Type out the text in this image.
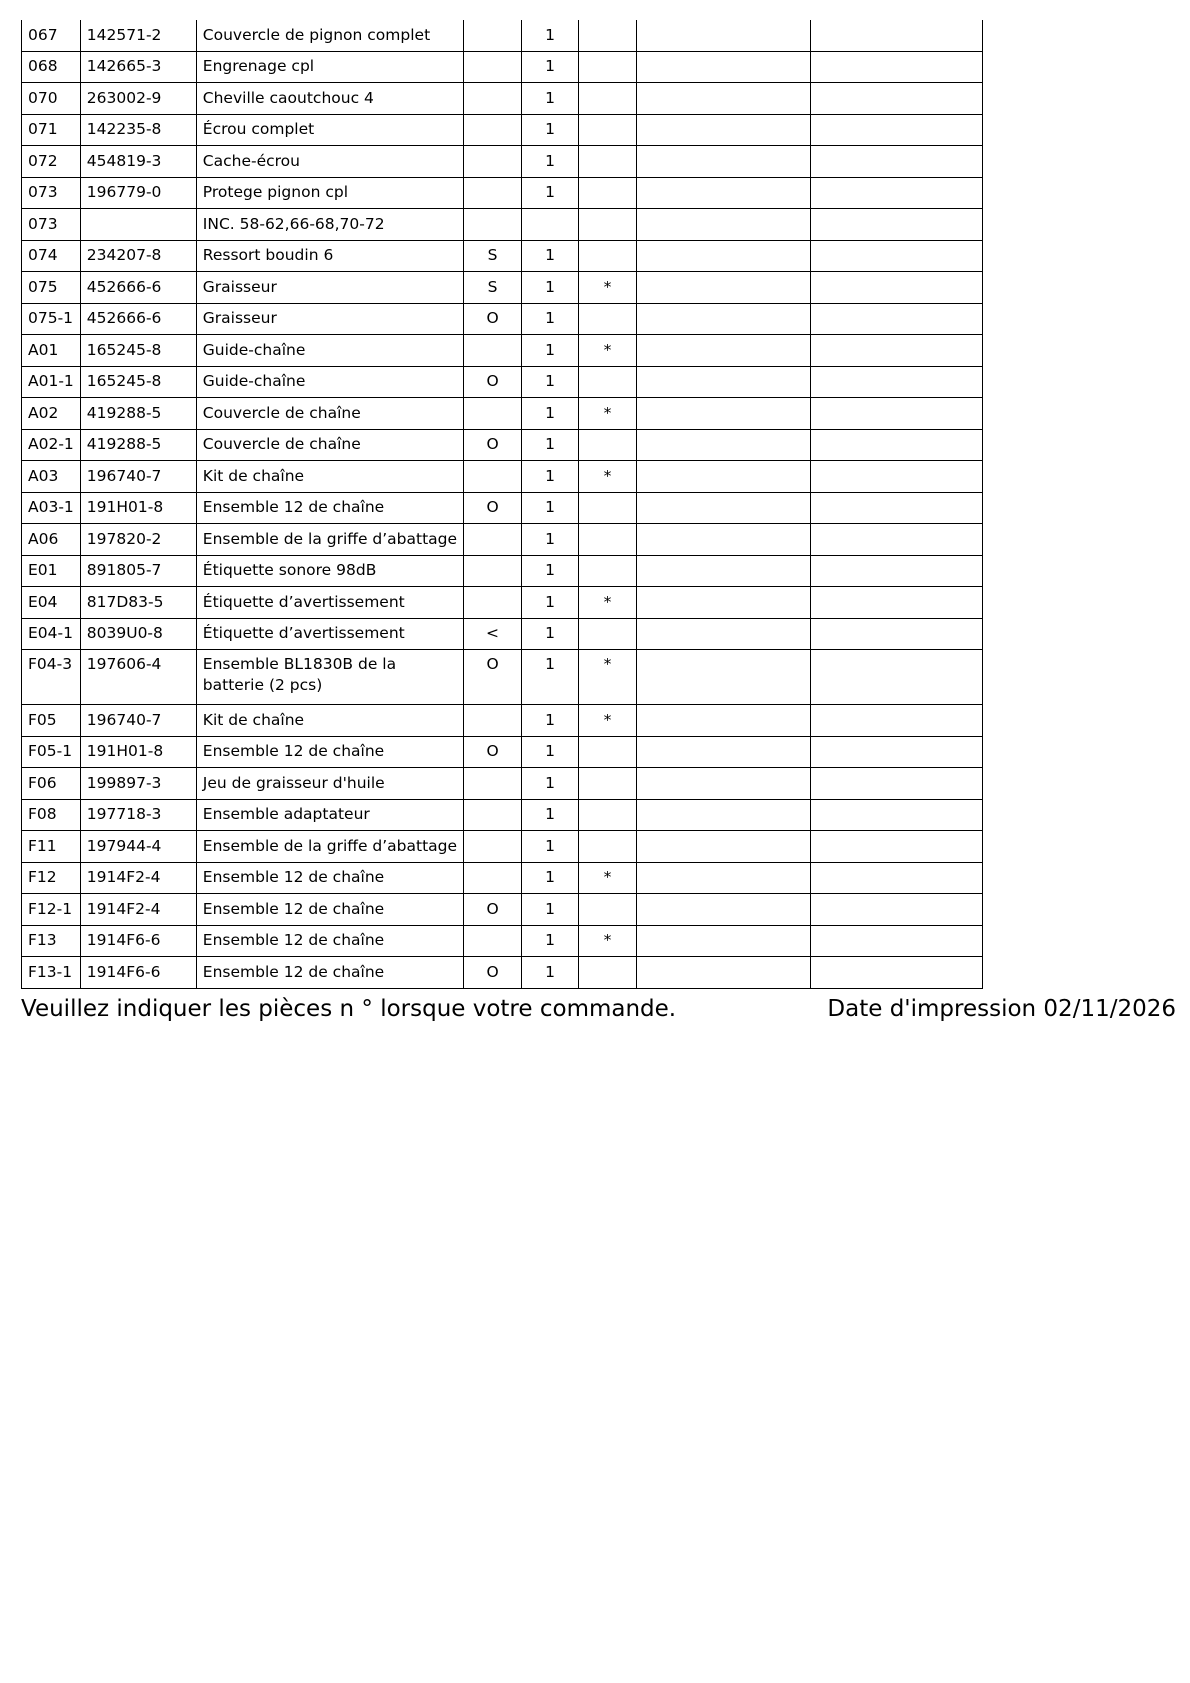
067	142571-2	Couvercle de pignon complet		1			
068	142665-3	Engrenage cpl		1			
070	263002-9	Cheville caoutchouc 4		1			
071	142235-8	Écrou complet		1			
072	454819-3	Cache-écrou		1			
073	196779-0	Protege pignon cpl		1			
073		INC. 58-62,66-68,70-72					
074	234207-8	Ressort boudin 6	S	1			
075	452666-6	Graisseur	S	1	*		
075-1	452666-6	Graisseur	O	1			
A01	165245-8	Guide-chaîne		1	*		
A01-1	165245-8	Guide-chaîne	O	1			
A02	419288-5	Couvercle de chaîne		1	*		
A02-1	419288-5	Couvercle de chaîne	O	1			
A03	196740-7	Kit de chaîne		1	*		
A03-1	191H01-8	Ensemble 12 de chaîne	O	1			
A06	197820-2	Ensemble de la griffe d’abattage		1			
E01	891805-7	Étiquette sonore 98dB		1			
E04	817D83-5	Étiquette d’avertissement		1	*		
E04-1	8039U0-8	Étiquette d’avertissement	<	1			
F04-3	197606-4	Ensemble BL1830B de la batterie (2 pcs)	O	1	*		
F05	196740-7	Kit de chaîne		1	*		
F05-1	191H01-8	Ensemble 12 de chaîne	O	1			
F06	199897-3	Jeu de graisseur d'huile		1			
F08	197718-3	Ensemble adaptateur		1			
F11	197944-4	Ensemble de la griffe d’abattage		1			
F12	1914F2-4	Ensemble 12 de chaîne		1	*		
F12-1	1914F2-4	Ensemble 12 de chaîne	O	1			
F13	1914F6-6	Ensemble 12 de chaîne		1	*		
F13-1	1914F6-6	Ensemble 12 de chaîne	O	1			
Veuillez indiquer les pièces n ° lorsque votre commande.	Date d'impression 02/11/2026
